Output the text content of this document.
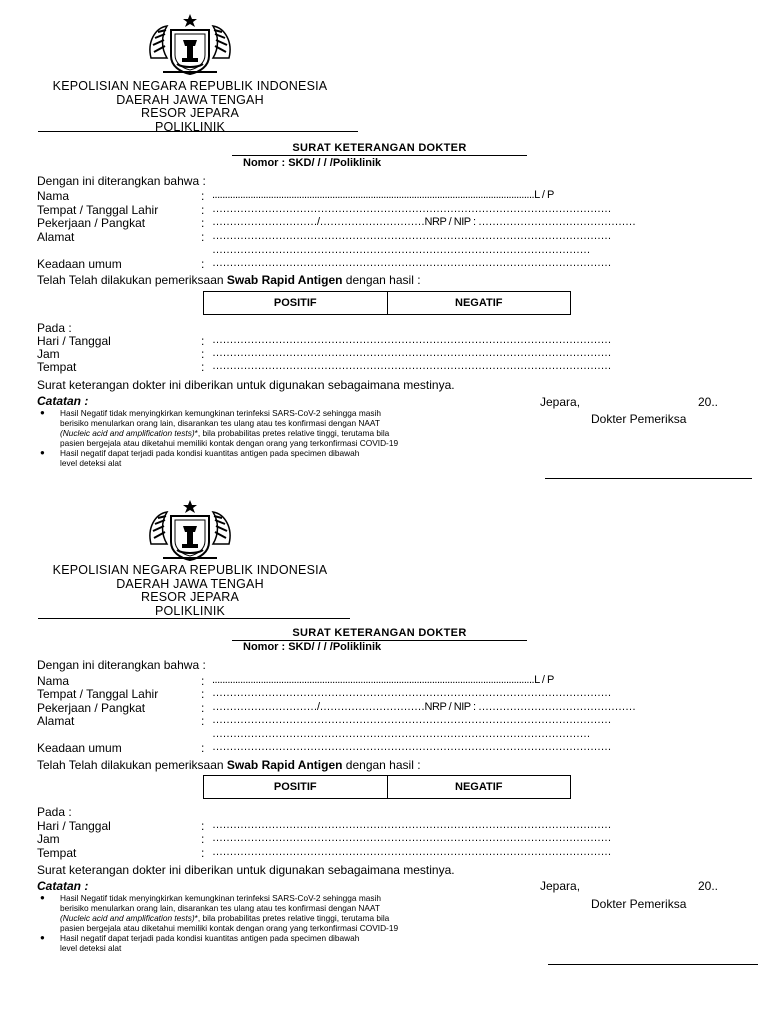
KEPOLISIAN NEGARA REPUBLIK INDONESIA
DAERAH JAWA TENGAH
RESOR JEPARA
POLIKLINIK
SURAT KETERANGAN DOKTER
Nomor : SKD/ / / /Poliklinik
Dengan ini diterangkan bahwa :
Nama	: ..............................................................................................................................L / P
Tempat / Tanggal Lahir	: ……………………………………………………………………………………………………
Pekerjaan / Pangkat	: …………………………/…………………………NRP / NIP : ………………………………………
Alamat	: ……………………………………………………………………………………………………
………………………………………………………………………………………………
Keadaan umum	: ……………………………………………………………………………………………………
Telah Telah dilakukan pemeriksaan Swab Rapid Antigen dengan hasil :
POSITIF	NEGATIF
Pada :
Hari / Tanggal	: ……………………………………………………………………………………………………
Jam	: ……………………………………………………………………………………………………
Tempat	: ……………………………………………………………………………………………………
Surat keterangan dokter ini diberikan untuk digunakan sebagaimana mestinya.
Catatan :	Jepara,	20..
Dokter Pemeriksa
● Hasil Negatif tidak menyingkirkan kemungkinan terinfeksi SARS-CoV-2 sehingga masih
berisiko menularkan orang lain, disarankan tes ulang atau tes konfirmasi dengan NAAT
(Nucleic acid and amplification tests)*, bila probabilitas pretes relative tinggi, terutama bila
pasien bergejala atau diketahui memiliki kontak dengan orang yang terkonfirmasi COVID-19
● Hasil negatif dapat terjadi pada kondisi kuantitas antigen pada specimen dibawah
level deteksi alat
KEPOLISIAN NEGARA REPUBLIK INDONESIA
DAERAH JAWA TENGAH
RESOR JEPARA
POLIKLINIK
SURAT KETERANGAN DOKTER
Nomor : SKD/ / / /Poliklinik
Dengan ini diterangkan bahwa :
Nama	: ..............................................................................................................................L / P
Tempat / Tanggal Lahir	: ……………………………………………………………………………………………………
Pekerjaan / Pangkat	: …………………………/…………………………NRP / NIP : ………………………………………
Alamat	: ……………………………………………………………………………………………………
………………………………………………………………………………………………
Keadaan umum	: ……………………………………………………………………………………………………
Telah Telah dilakukan pemeriksaan Swab Rapid Antigen dengan hasil :
POSITIF	NEGATIF
Pada :
Hari / Tanggal	: ……………………………………………………………………………………………………
Jam	: ……………………………………………………………………………………………………
Tempat	: ……………………………………………………………………………………………………
Surat keterangan dokter ini diberikan untuk digunakan sebagaimana mestinya.
Catatan :	Jepara,	20..
Dokter Pemeriksa
● Hasil Negatif tidak menyingkirkan kemungkinan terinfeksi SARS-CoV-2 sehingga masih
berisiko menularkan orang lain, disarankan tes ulang atau tes konfirmasi dengan NAAT
(Nucleic acid and amplification tests)*, bila probabilitas pretes relative tinggi, terutama bila
pasien bergejala atau diketahui memiliki kontak dengan orang yang terkonfirmasi COVID-19
● Hasil negatif dapat terjadi pada kondisi kuantitas antigen pada specimen dibawah
level deteksi alat
